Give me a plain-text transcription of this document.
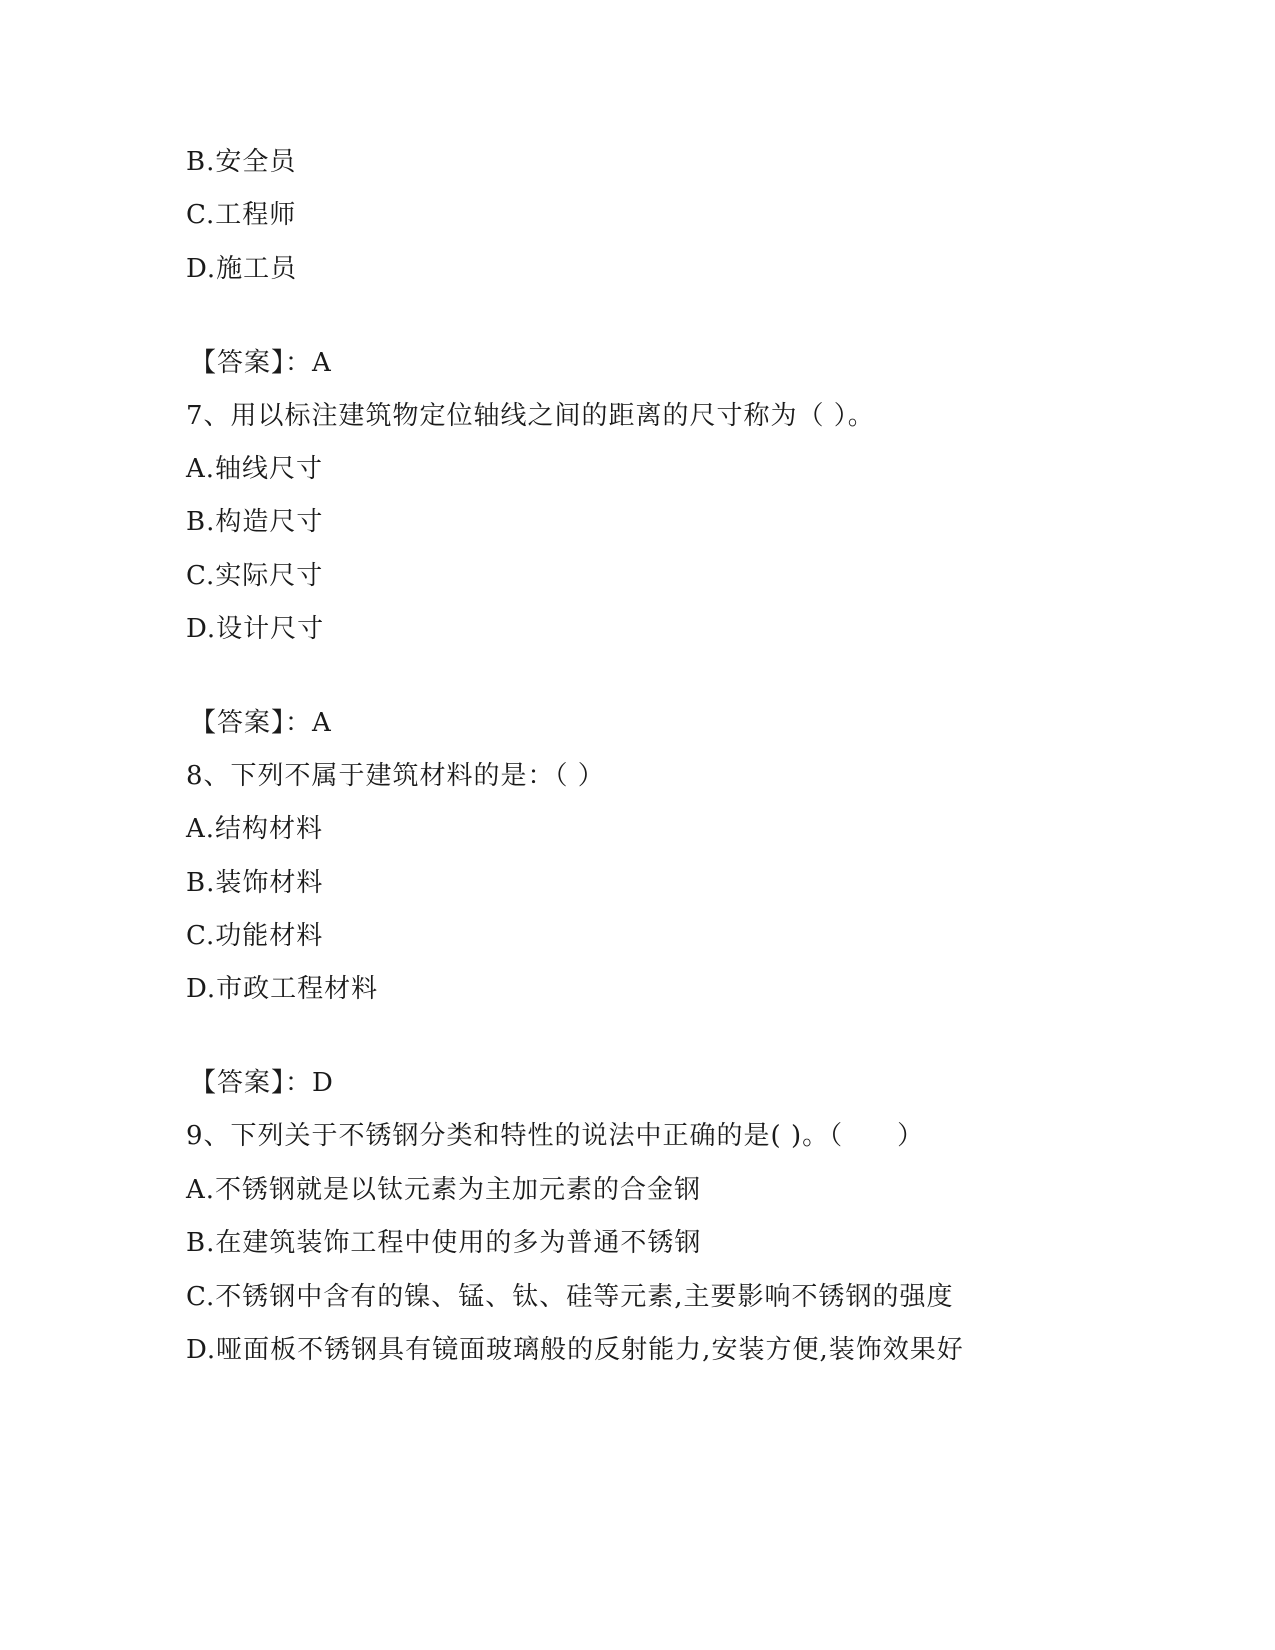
B.安全员
C.工程师
D.施工员
【答案】：A
7、用以标注建筑物定位轴线之间的距离的尺寸称为（ ）。
A.轴线尺寸
B.构造尺寸
C.实际尺寸
D.设计尺寸
【答案】：A
8、下列不属于建筑材料的是：（ ）
A.结构材料
B.装饰材料
C.功能材料
D.市政工程材料
【答案】：D
9、下列关于不锈钢分类和特性的说法中正确的是( )。（　　）
A.不锈钢就是以钛元素为主加元素的合金钢
B.在建筑装饰工程中使用的多为普通不锈钢
C.不锈钢中含有的镍、锰、钛、硅等元素,主要影响不锈钢的强度
D.哑面板不锈钢具有镜面玻璃般的反射能力,安装方便,装饰效果好
